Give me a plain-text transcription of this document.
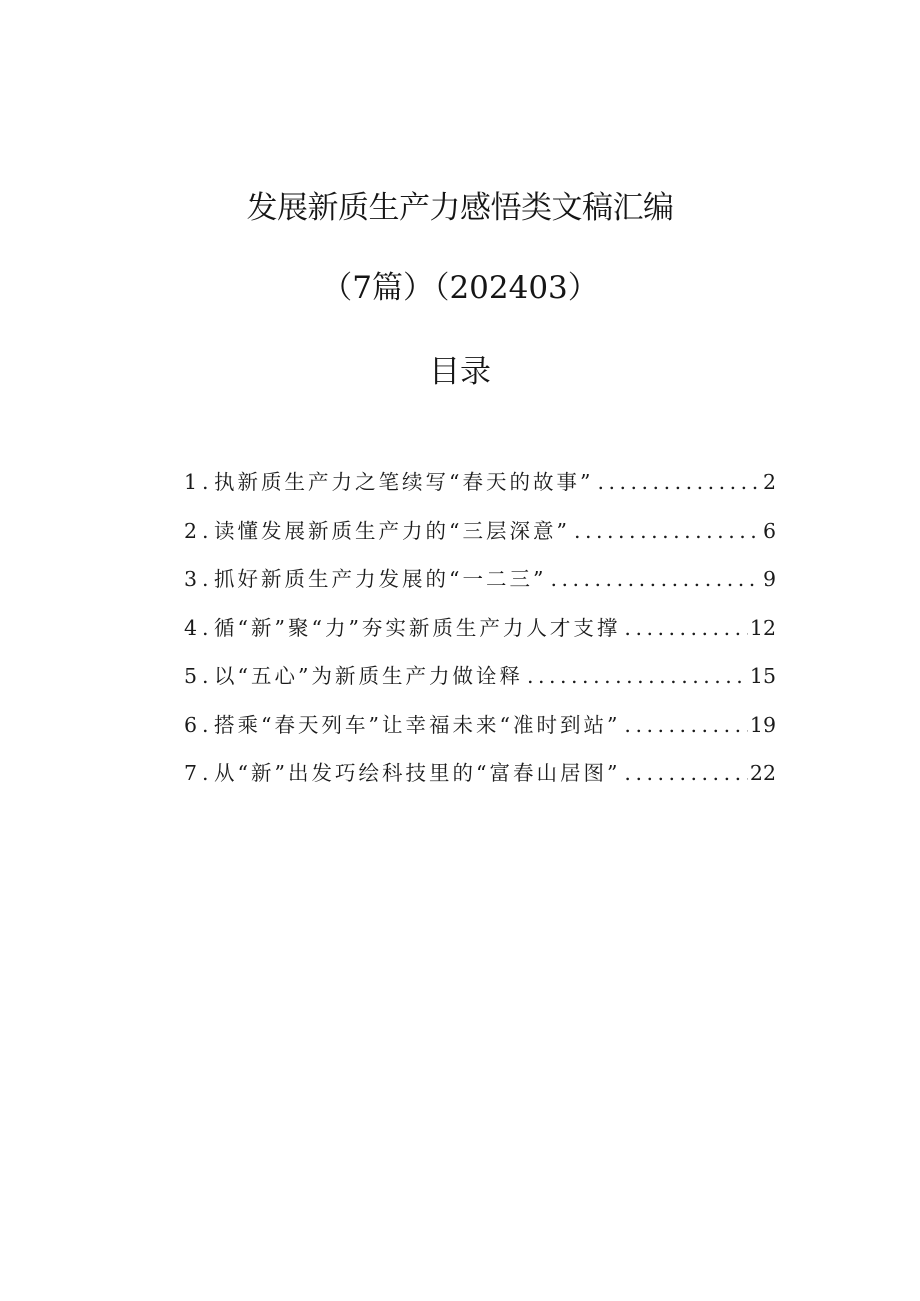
发展新质生产力感悟类文稿汇编
（7篇）（202403）
目录
1 . 执新质生产力之笔续写“春天的故事” .....	2
2 . 读懂发展新质生产力的“三层深意” .....	6
3 . 抓好新质生产力发展的“一二三” .....	9
4 . 循“新”聚“力”夯实新质生产力人才支撑 .....	12
5 . 以“五心”为新质生产力做诠释 .....	15
6 . 搭乘“春天列车”让幸福未来“准时到站” .....	19
7 . 从“新”出发巧绘科技里的“富春山居图” .....	22
